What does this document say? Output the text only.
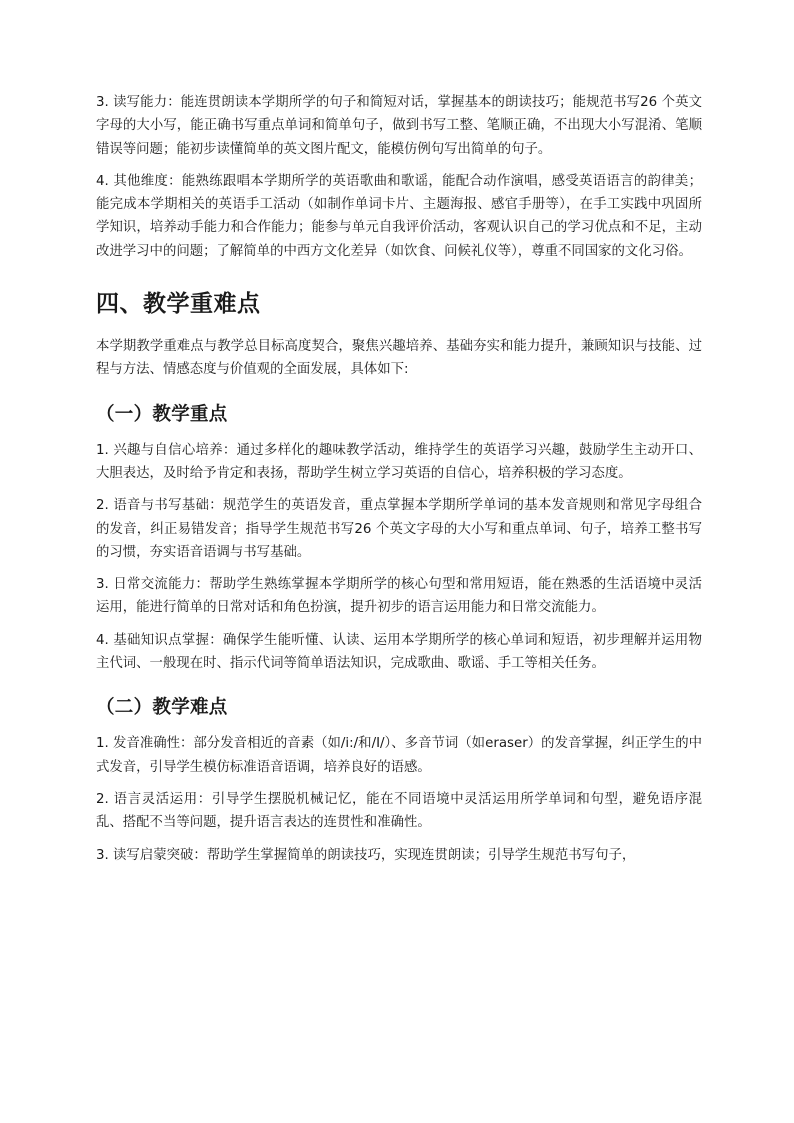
3. 读写能力：能连贯朗读本学期所学的句子和简短对话，掌握基本的朗读技巧；能规范书写26 个英文字母的大小写，能正确书写重点单词和简单句子，做到书写工整、笔顺正确，不出现大小写混淆、笔顺错误等问题；能初步读懂简单的英文图片配文，能模仿例句写出简单的句子。

4. 其他维度：能熟练跟唱本学期所学的英语歌曲和歌谣，能配合动作演唱，感受英语语言的韵律美；能完成本学期相关的英语手工活动（如制作单词卡片、主题海报、感官手册等），在手工实践中巩固所学知识，培养动手能力和合作能力；能参与单元自我评价活动，客观认识自己的学习优点和不足，主动改进学习中的问题；了解简单的中西方文化差异（如饮食、问候礼仪等），尊重不同国家的文化习俗。

四、教学重难点

本学期教学重难点与教学总目标高度契合，聚焦兴趣培养、基础夯实和能力提升，兼顾知识与技能、过程与方法、情感态度与价值观的全面发展，具体如下:

（一）教学重点

1. 兴趣与自信心培养：通过多样化的趣味教学活动，维持学生的英语学习兴趣，鼓励学生主动开口、大胆表达，及时给予肯定和表扬，帮助学生树立学习英语的自信心，培养积极的学习态度。

2. 语音与书写基础：规范学生的英语发音，重点掌握本学期所学单词的基本发音规则和常见字母组合的发音，纠正易错发音；指导学生规范书写26 个英文字母的大小写和重点单词、句子，培养工整书写的习惯，夯实语音语调与书写基础。

3. 日常交流能力：帮助学生熟练掌握本学期所学的核心句型和常用短语，能在熟悉的生活语境中灵活运用，能进行简单的日常对话和角色扮演，提升初步的语言运用能力和日常交流能力。

4. 基础知识点掌握：确保学生能听懂、认读、运用本学期所学的核心单词和短语，初步理解并运用物主代词、一般现在时、指示代词等简单语法知识，完成歌曲、歌谣、手工等相关任务。

（二）教学难点

1. 发音准确性：部分发音相近的音素（如/i:/和/I/）、多音节词（如eraser）的发音掌握，纠正学生的中式发音，引导学生模仿标准语音语调，培养良好的语感。

2. 语言灵活运用：引导学生摆脱机械记忆，能在不同语境中灵活运用所学单词和句型，避免语序混乱、搭配不当等问题，提升语言表达的连贯性和准确性。

3. 读写启蒙突破：帮助学生掌握简单的朗读技巧，实现连贯朗读；引导学生规范书写句子，
